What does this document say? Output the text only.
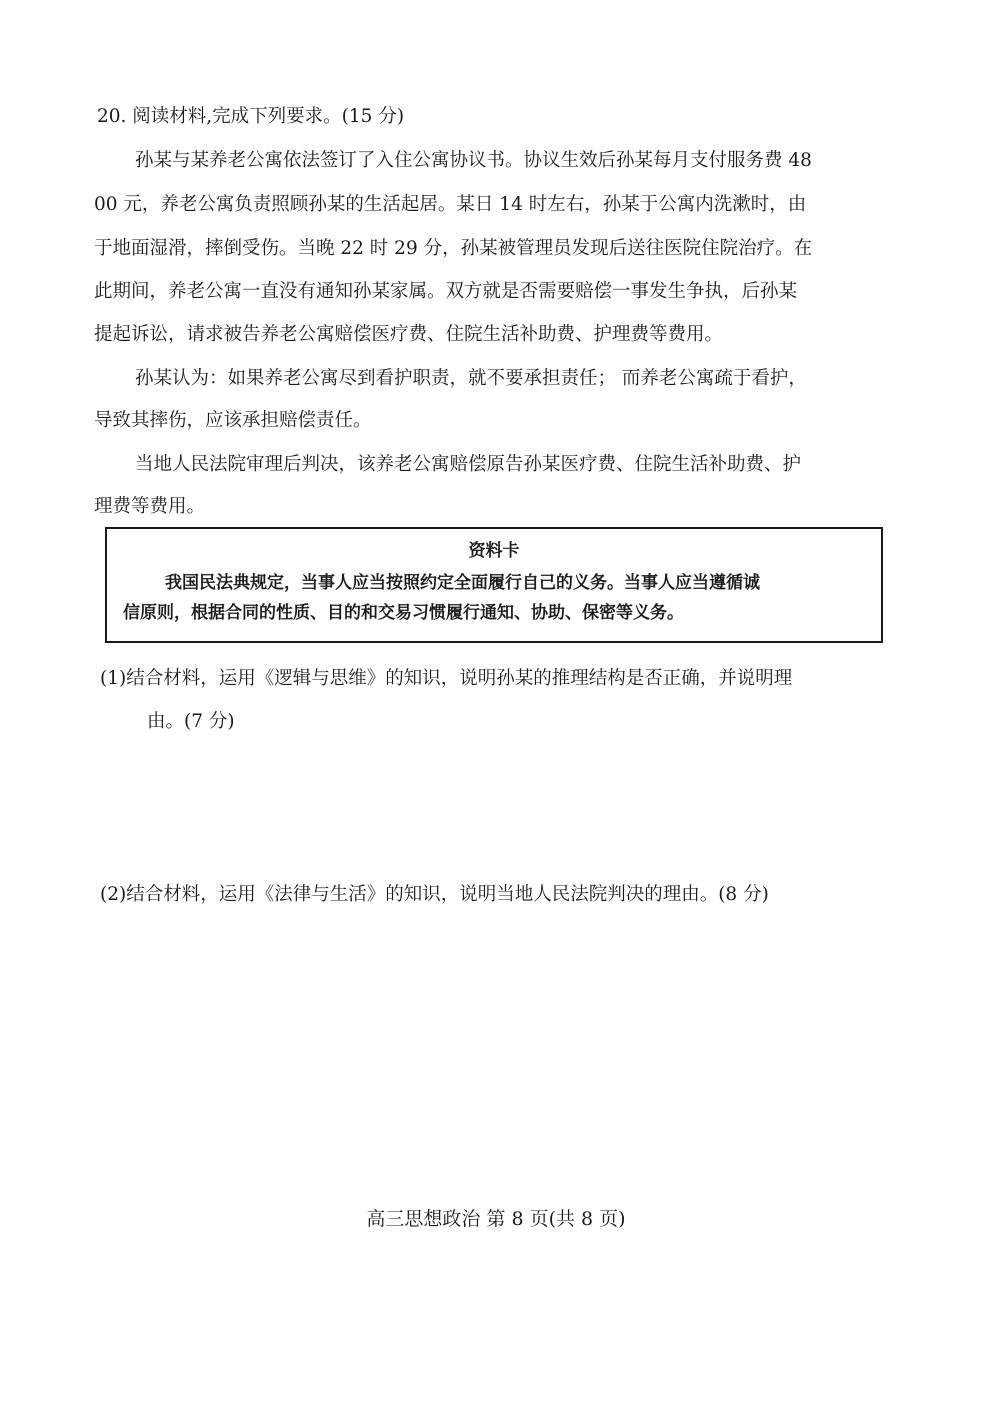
20. 阅读材料,完成下列要求。(15 分)
孙某与某养老公寓依法签订了入住公寓协议书。协议生效后孙某每月支付服务费 48
00 元，养老公寓负责照顾孙某的生活起居。某日 14 时左右，孙某于公寓内洗漱时，由
于地面湿滑，摔倒受伤。当晚 22 时 29 分，孙某被管理员发现后送往医院住院治疗。在
此期间，养老公寓一直没有通知孙某家属。双方就是否需要赔偿一事发生争执，后孙某
提起诉讼，请求被告养老公寓赔偿医疗费、住院生活补助费、护理费等费用。
孙某认为：如果养老公寓尽到看护职责，就不要承担责任； 而养老公寓疏于看护，
导致其摔伤，应该承担赔偿责任。
当地人民法院审理后判决，该养老公寓赔偿原告孙某医疗费、住院生活补助费、护
理费等费用。
资料卡
我国民法典规定，当事人应当按照约定全面履行自己的义务。当事人应当遵循诚
信原则，根据合同的性质、目的和交易习惯履行通知、协助、保密等义务。
(1)结合材料，运用《逻辑与思维》的知识，说明孙某的推理结构是否正确，并说明理
由。(7 分)
(2)结合材料，运用《法律与生活》的知识，说明当地人民法院判决的理由。(8 分)
高三思想政治 第 8 页(共 8 页)
